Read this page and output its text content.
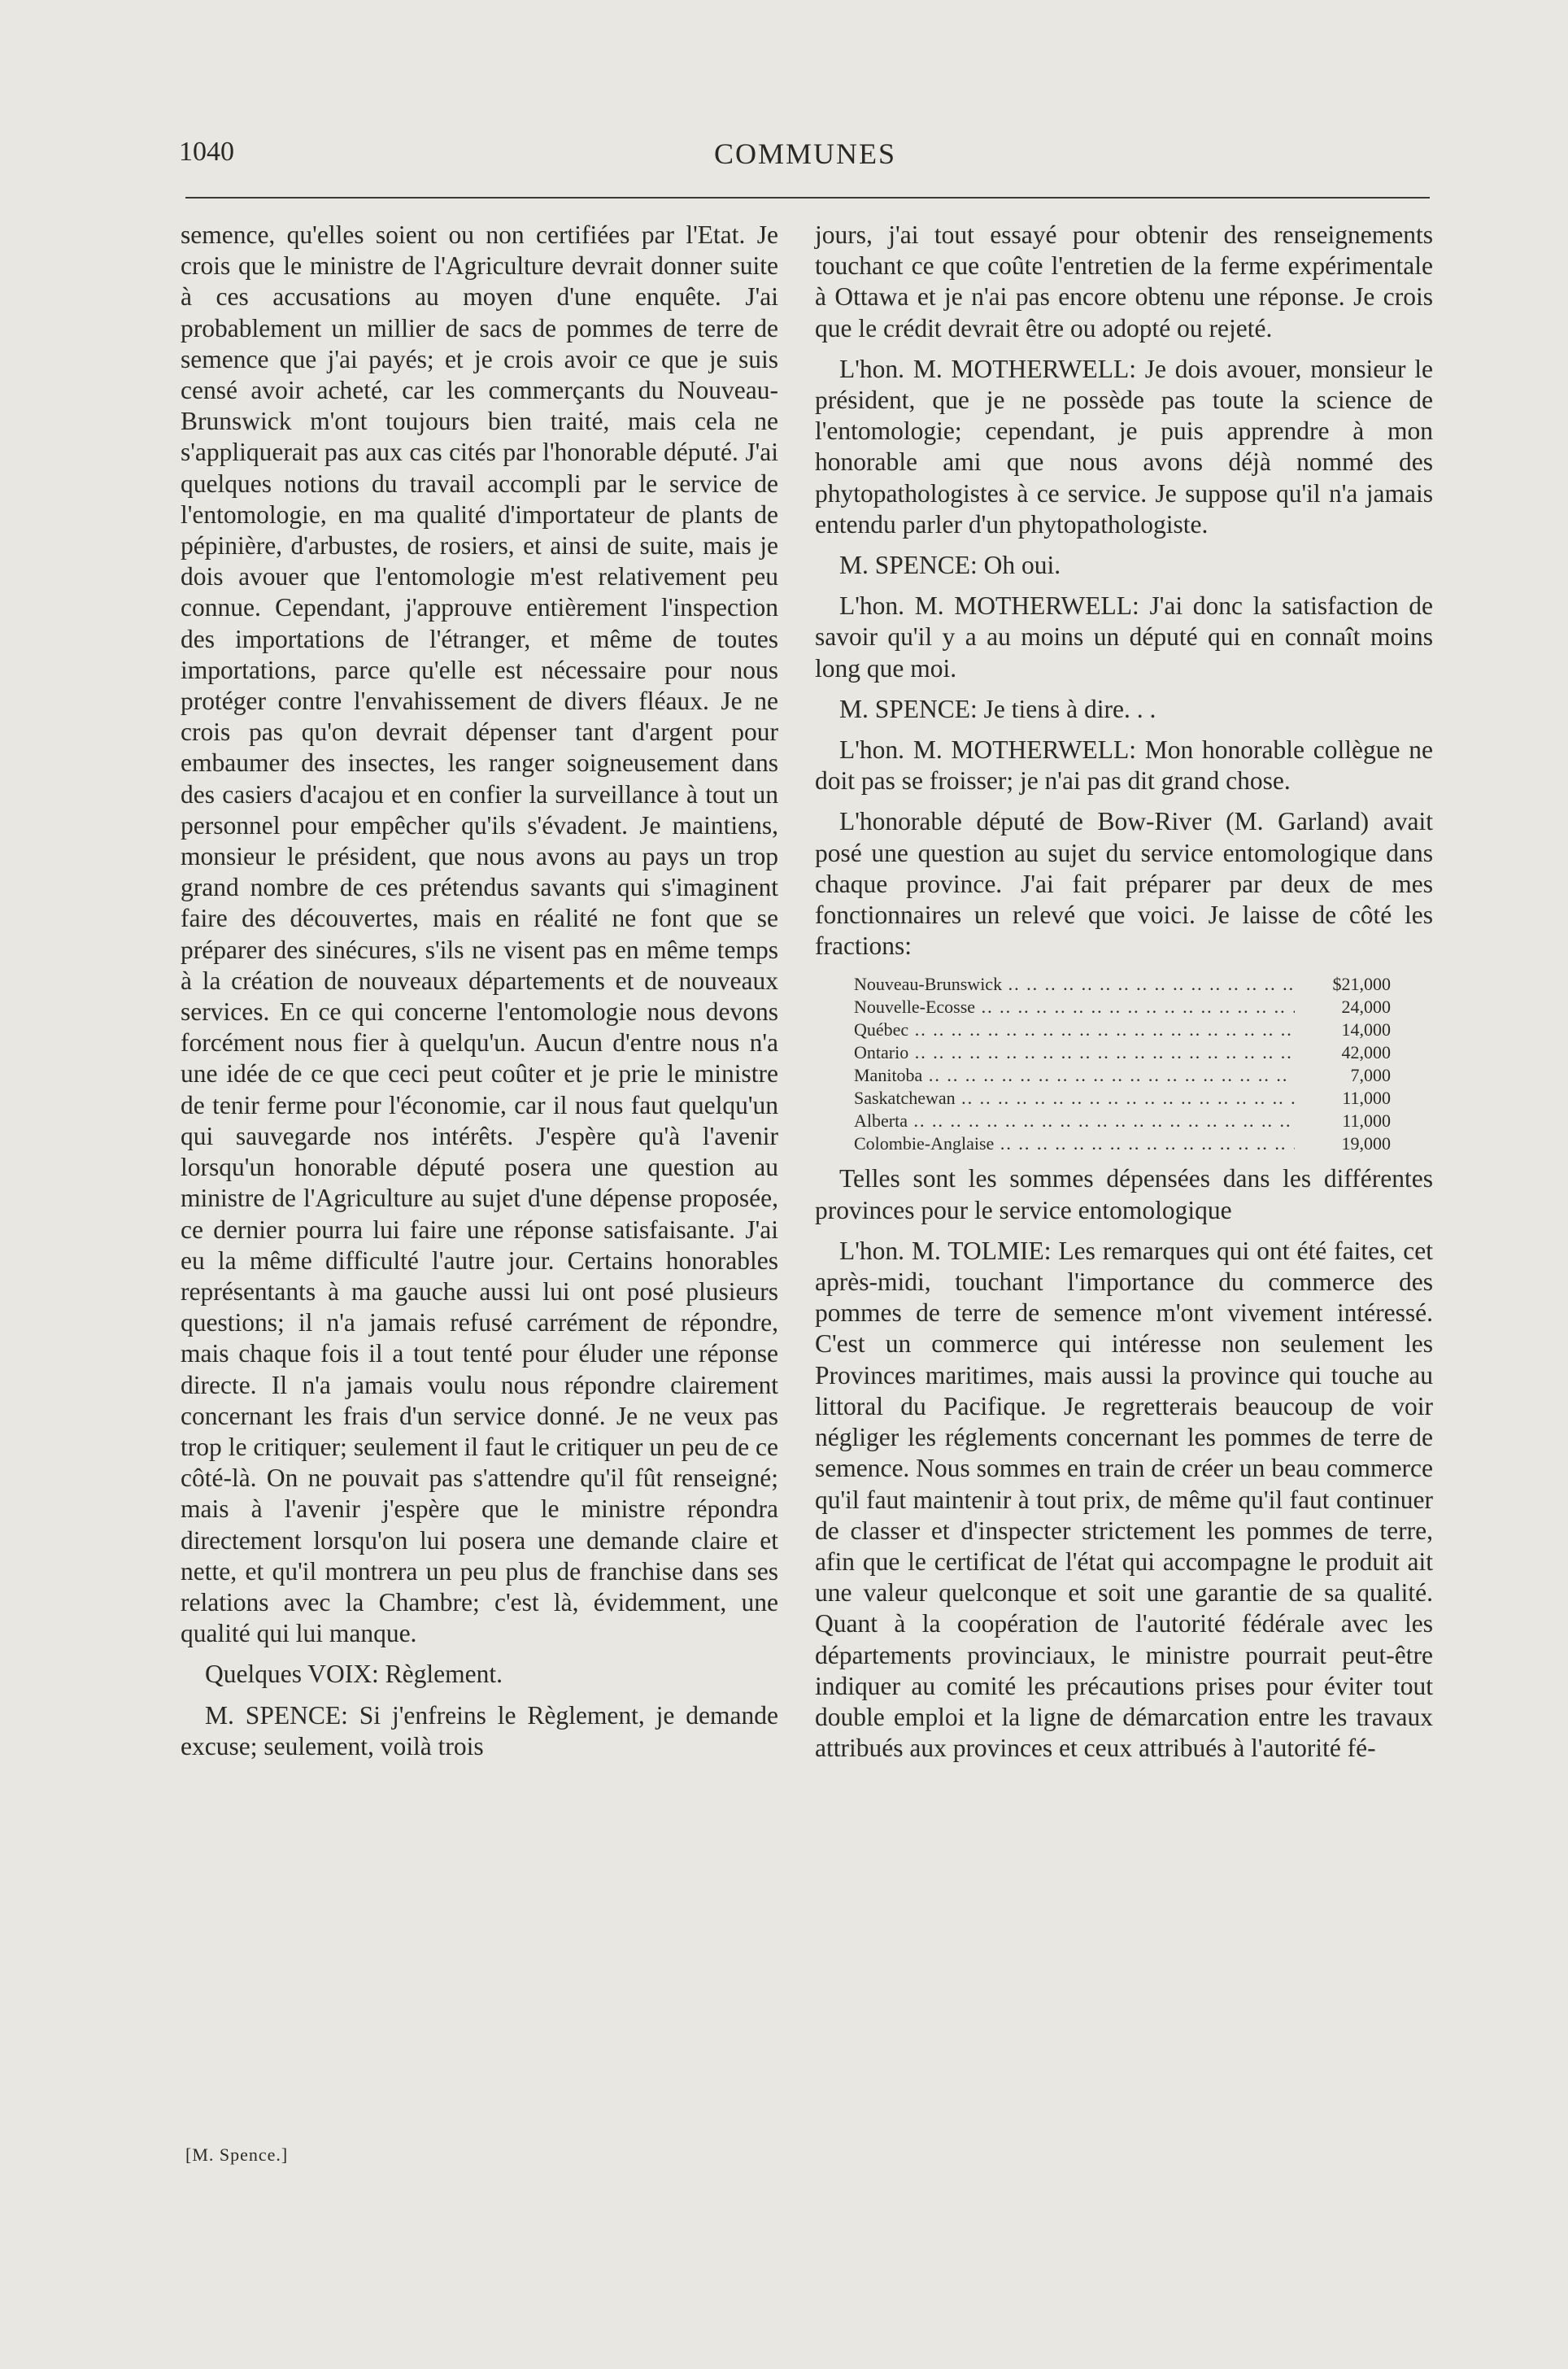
1040	COMMUNES

semence, qu'elles soient ou non certifiées par l'Etat. Je crois que le ministre de l'Agriculture devrait donner suite à ces accusations au moyen d'une enquête. J'ai probablement un millier de sacs de pommes de terre de semence que j'ai payés; et je crois avoir ce que je suis censé avoir acheté, car les commerçants du Nouveau-Brunswick m'ont toujours bien traité, mais cela ne s'appliquerait pas aux cas cités par l'honorable député. J'ai quelques notions du travail accompli par le service de l'entomologie, en ma qualité d'importateur de plants de pépinière, d'arbustes, de rosiers, et ainsi de suite, mais je dois avouer que l'entomologie m'est relativement peu connue. Cependant, j'approuve entièrement l'inspection des importations de l'étranger, et même de toutes importations, parce qu'elle est nécessaire pour nous protéger contre l'envahissement de divers fléaux. Je ne crois pas qu'on devrait dépenser tant d'argent pour embaumer des insectes, les ranger soigneusement dans des casiers d'acajou et en confier la surveillance à tout un personnel pour empêcher qu'ils s'évadent. Je maintiens, monsieur le président, que nous avons au pays un trop grand nombre de ces prétendus savants qui s'imaginent faire des découvertes, mais en réalité ne font que se préparer des sinécures, s'ils ne visent pas en même temps à la création de nouveaux départements et de nouveaux services. En ce qui concerne l'entomologie nous devons forcément nous fier à quelqu'un. Aucun d'entre nous n'a une idée de ce que ceci peut coûter et je prie le ministre de tenir ferme pour l'économie, car il nous faut quelqu'un qui sauvegarde nos intérêts. J'espère qu'à l'avenir lorsqu'un honorable député posera une question au ministre de l'Agriculture au sujet d'une dépense proposée, ce dernier pourra lui faire une réponse satisfaisante. J'ai eu la même difficulté l'autre jour. Certains honorables représentants à ma gauche aussi lui ont posé plusieurs questions; il n'a jamais refusé carrément de répondre, mais chaque fois il a tout tenté pour éluder une réponse directe. Il n'a jamais voulu nous répondre clairement concernant les frais d'un service donné. Je ne veux pas trop le critiquer; seulement il faut le critiquer un peu de ce côté-là. On ne pouvait pas s'attendre qu'il fût renseigné; mais à l'avenir j'espère que le ministre répondra directement lorsqu'on lui posera une demande claire et nette, et qu'il montrera un peu plus de franchise dans ses relations avec la Chambre; c'est là, évidemment, une qualité qui lui manque.

Quelques VOIX: Règlement.

M. SPENCE: Si j'enfreins le Règlement, je demande excuse; seulement, voilà trois

jours, j'ai tout essayé pour obtenir des renseignements touchant ce que coûte l'entretien de la ferme expérimentale à Ottawa et je n'ai pas encore obtenu une réponse. Je crois que le crédit devrait être ou adopté ou rejeté.

L'hon. M. MOTHERWELL: Je dois avouer, monsieur le président, que je ne possède pas toute la science de l'entomologie; cependant, je puis apprendre à mon honorable ami que nous avons déjà nommé des phytopathologistes à ce service. Je suppose qu'il n'a jamais entendu parler d'un phytopathologiste.

M. SPENCE: Oh oui.

L'hon. M. MOTHERWELL: J'ai donc la satisfaction de savoir qu'il y a au moins un député qui en connaît moins long que moi.

M. SPENCE: Je tiens à dire. . .

L'hon. M. MOTHERWELL: Mon honorable collègue ne doit pas se froisser; je n'ai pas dit grand chose.

L'honorable député de Bow-River (M. Garland) avait posé une question au sujet du service entomologique dans chaque province. J'ai fait préparer par deux de mes fonctionnaires un relevé que voici. Je laisse de côté les fractions:

Nouveau-Brunswick .. ..	$21,000
Nouvelle-Ecosse .. ..	24,000
Québec .. ..	14,000
Ontario .. ..	42,000
Manitoba .. ..	7,000
Saskatchewan .. ..	11,000
Alberta .. ..	11,000
Colombie-Anglaise .. ..	19,000

Telles sont les sommes dépensées dans les différentes provinces pour le service entomologique

L'hon. M. TOLMIE: Les remarques qui ont été faites, cet après-midi, touchant l'importance du commerce des pommes de terre de semence m'ont vivement intéressé. C'est un commerce qui intéresse non seulement les Provinces maritimes, mais aussi la province qui touche au littoral du Pacifique. Je regretterais beaucoup de voir négliger les réglements concernant les pommes de terre de semence. Nous sommes en train de créer un beau commerce qu'il faut maintenir à tout prix, de même qu'il faut continuer de classer et d'inspecter strictement les pommes de terre, afin que le certificat de l'état qui accompagne le produit ait une valeur quelconque et soit une garantie de sa qualité. Quant à la coopération de l'autorité fédérale avec les départements provinciaux, le ministre pourrait peut-être indiquer au comité les précautions prises pour éviter tout double emploi et la ligne de démarcation entre les travaux attribués aux provinces et ceux attribués à l'autorité fé-

[M. Spence.]
